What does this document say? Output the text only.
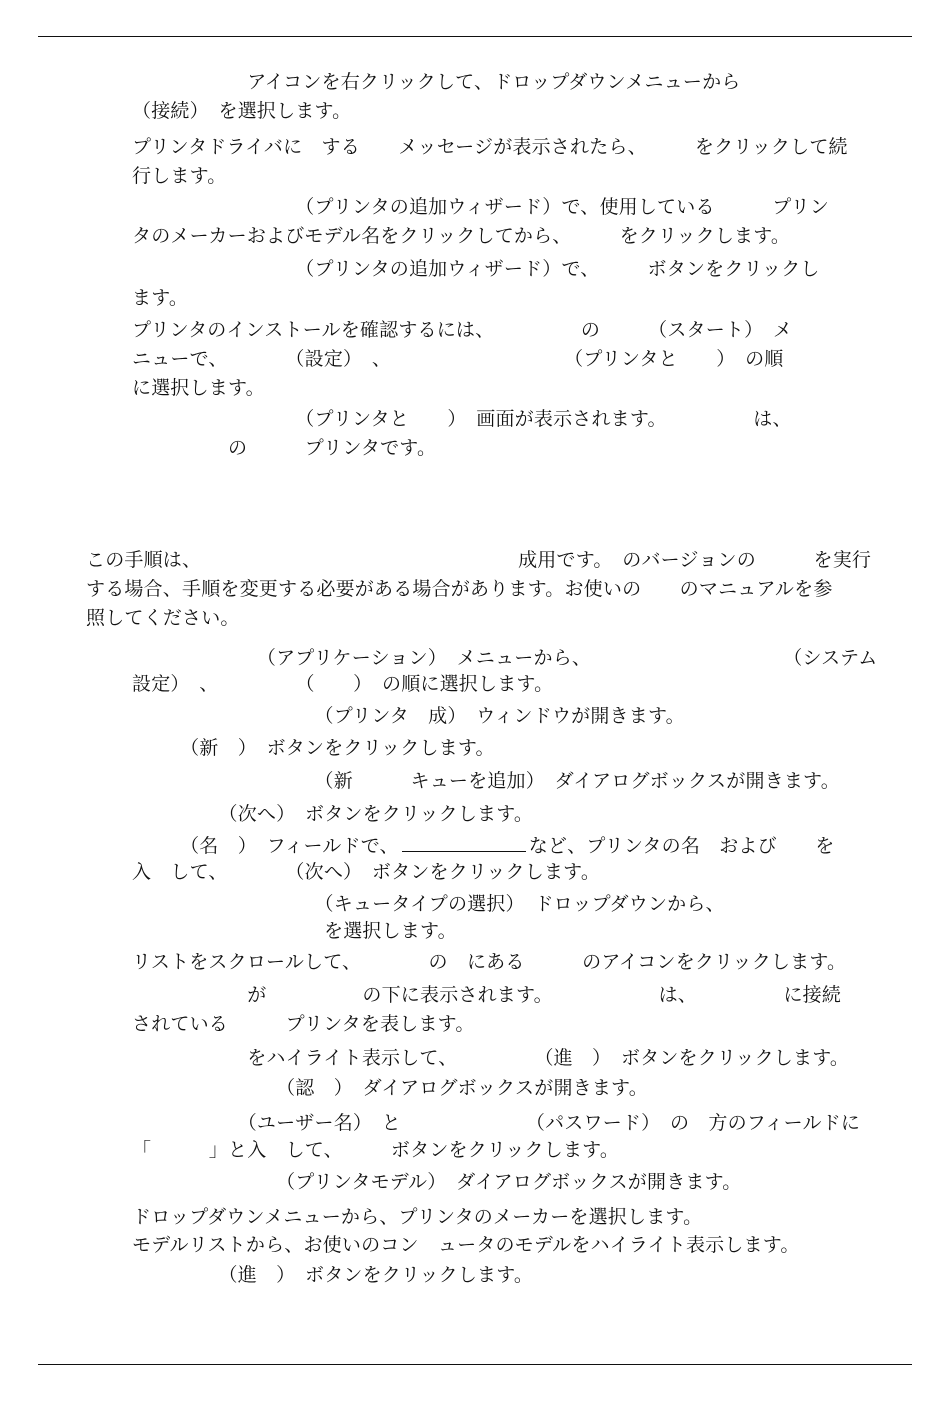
　　　　　　アイコンを右クリックして、ドロップダウンメニューから
（接続）　を選択します。
プリンタドライバに　する　　メッセージが表示されたら、　　　をクリックして続
行します。
　　　　　　　　　（プリンタの追加ウィザード）で、使用している　　　プリン
タのメーカーおよびモデル名をクリックしてから、　　　をクリックします。
　　　　　　　　　（プリンタの追加ウィザード）で、　　　ボタンをクリックし
ます。
プリンタのインストールを確認するには、　　　　　の　　　（スタート）　メ
ニューで、　　　　（設定）　、　　　　　　　　　　（プリンタと　　）　の順
に選択します。
　　　　　　　　　（プリンタと　　）　画面が表示されます。　　　　　は、
　　　　　の　　　プリンタです。
この手順は、　　　　　　　　　　　　　　　　　成用です。　のバージョンの　　　を実行
する場合、手順を変更する必要がある場合があります。お使いの　　のマニュアルを参
照してください。
　　　　　　　（アプリケーション）　メニューから、　　　　　　　　　　　（システム
設定）　、　　　　　（　　）　の順に選択します。
　　　　　　　　　　（プリンタ　成）　ウィンドウが開きます。
　　　（新　）　ボタンをクリックします。
　　　　　　　　　　（新　　　キューを追加）　ダイアログボックスが開きます。
　　　　　（次へ）　ボタンをクリックします。
　　　（名　）　フィールドで、	など、プリンタの名　および　　を
入　して、　　　　（次へ）　ボタンをクリックします。
　　　　　　　　　　（キュータイプの選択）　ドロップダウンから、
　　　　　　　　　　を選択します。
リストをスクロールして、　　　　の　にある　　　のアイコンをクリックします。
　　　　　　が　　　　　の下に表示されます。　　　　　　は、　　　　　に接続
されている　　　プリンタを表します。
　　　　　　をハイライト表示して、　　　　　（進　）　ボタンをクリックします。
　　　　　　　　（認　）　ダイアログボックスが開きます。
　　　　　　（ユーザー名）　と　　　　　　　（パスワード）　の　方のフィールドに
「　　　」と入　して、　　　ボタンをクリックします。
　　　　　　　　（プリンタモデル）　ダイアログボックスが開きます。
ドロップダウンメニューから、プリンタのメーカーを選択します。
モデルリストから、お使いのコン　ュータのモデルをハイライト表示します。
　　　　　（進　）　ボタンをクリックします。
